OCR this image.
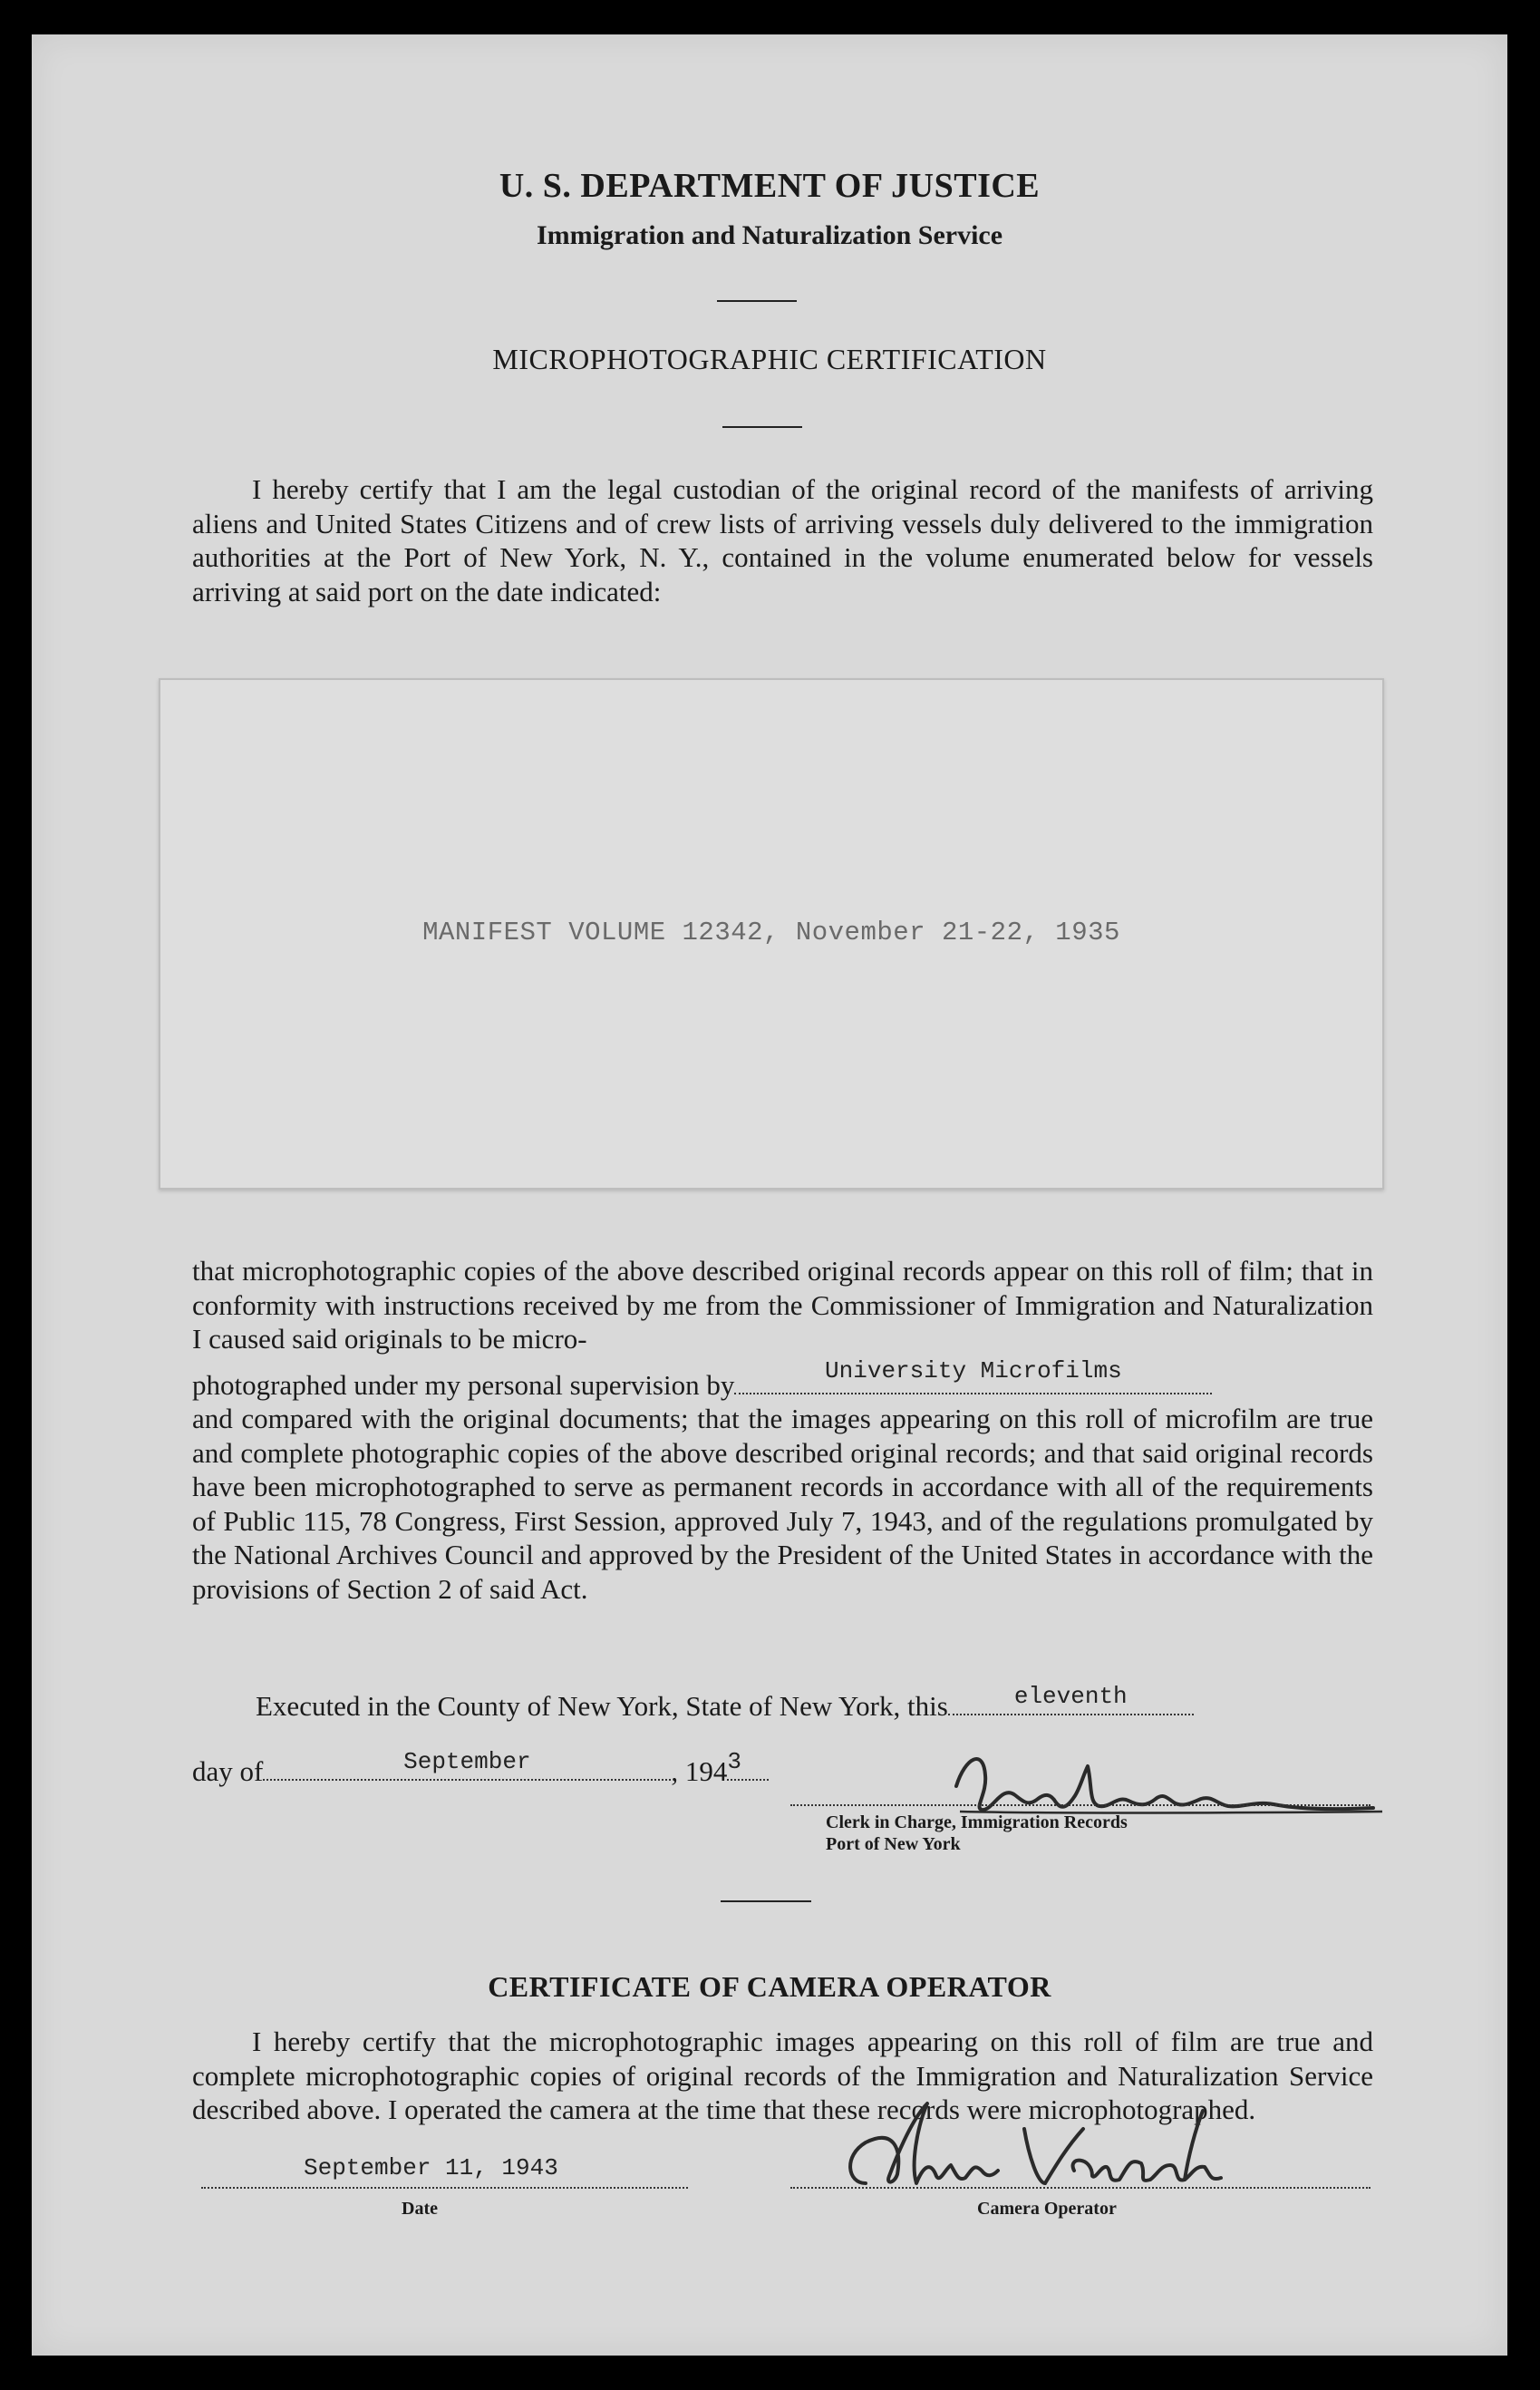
U. S. DEPARTMENT OF JUSTICE
Immigration and Naturalization Service
MICROPHOTOGRAPHIC CERTIFICATION

I hereby certify that I am the legal custodian of the original record of the manifests of arriving aliens and United States Citizens and of crew lists of arriving vessels duly delivered to the immigration authorities at the Port of New York, N. Y., contained in the volume enumerated below for vessels arriving at said port on the date indicated:

MANIFEST VOLUME 12342, November 21-22, 1935

that microphotographic copies of the above described original records appear on this roll of film; that in conformity with instructions received by me from the Commissioner of Immigration and Naturalization I caused said originals to be micro-

photographed under my personal supervision by	University Microfilms

and compared with the original documents; that the images appearing on this roll of microfilm are true and complete photographic copies of the above described original records; and that said original records have been microphotographed to serve as permanent records in accordance with all of the requirements of Public 115, 78 Congress, First Session, approved July 7, 1943, and of the regulations promulgated by the National Archives Council and approved by the President of the United States in accordance with the provisions of Section 2 of said Act.

Executed in the County of New York, State of New York, this	eleventh
day of	September	, 194 3
Clerk in Charge, Immigration Records
Port of New York
CERTIFICATE OF CAMERA OPERATOR

I hereby certify that the microphotographic images appearing on this roll of film are true and complete microphotographic copies of original records of the Immigration and Naturalization Service described above. I operated the camera at the time that these records were microphotographed.

September 11, 1943
Date	Camera Operator
